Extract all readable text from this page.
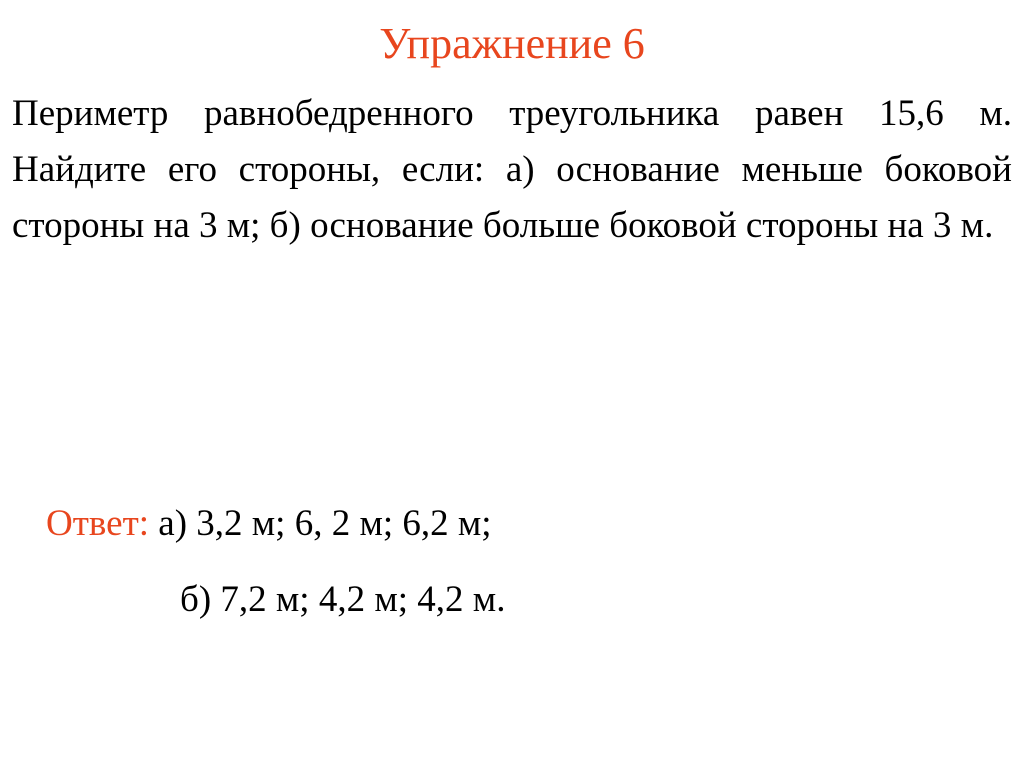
Упражнение 6

Периметр равнобедренного треугольника равен 15,6 м. Найдите его стороны, если: а) основание меньше боковой стороны на 3 м; б) основание больше боковой стороны на 3 м.

Ответ: а) 3,2 м; 6, 2 м; 6,2 м;
б) 7,2 м; 4,2 м; 4,2 м.
